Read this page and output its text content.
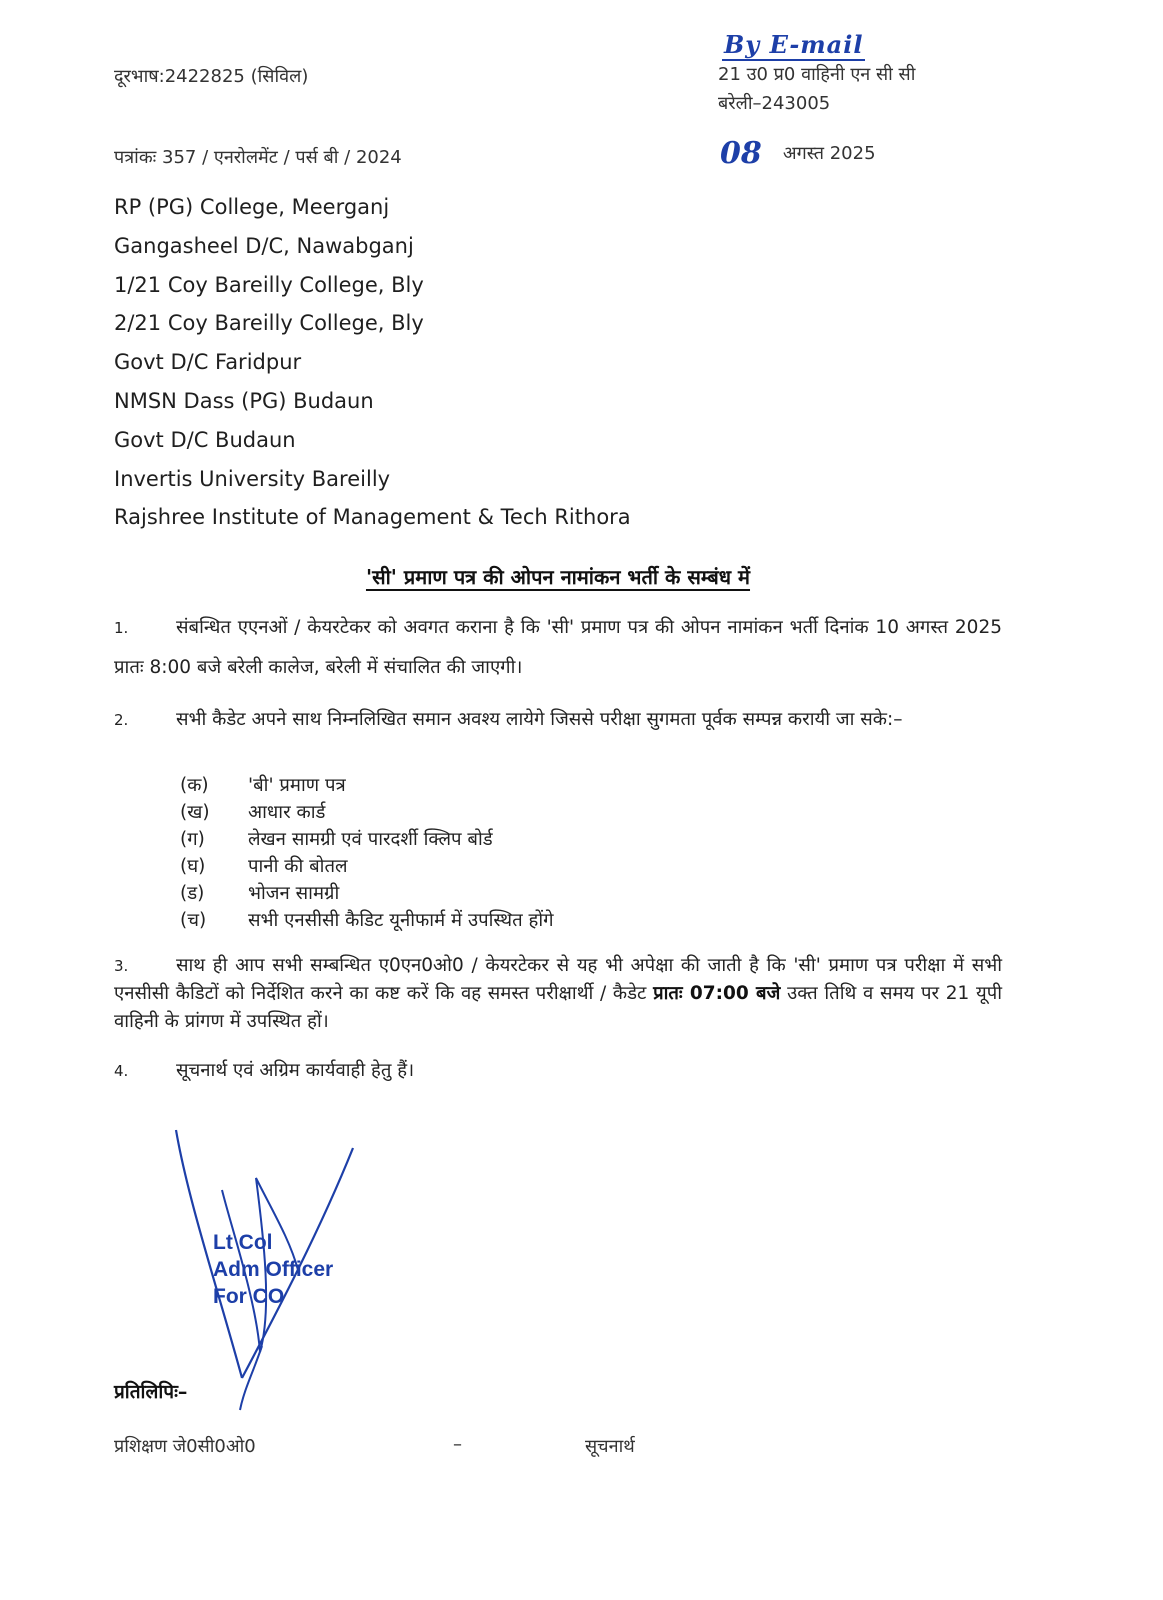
दूरभाष:2422825 (सिविल)
By E-mail
21 उ0 प्र0 वाहिनी एन सी सी
बरेली–243005
पत्रांकः 357 / एनरोलमेंट / पर्स बी / 2024	08 अगस्त 2025
RP (PG) College, Meerganj
Gangasheel D/C, Nawabganj
1/21 Coy Bareilly College, Bly
2/21 Coy Bareilly College, Bly
Govt D/C Faridpur
NMSN Dass (PG) Budaun
Govt D/C Budaun
Invertis University Bareilly
Rajshree Institute of Management & Tech Rithora
'सी' प्रमाण पत्र की ओपन नामांकन भर्ती के सम्बंध में
1.	संबन्धित एएनओं / केयरटेकर को अवगत कराना है कि 'सी' प्रमाण पत्र की ओपन नामांकन भर्ती दिनांक 10 अगस्त 2025 प्रातः 8:00 बजे बरेली कालेज, बरेली में संचालित की जाएगी।
2.	सभी कैडेट अपने साथ निम्नलिखित समान अवश्य लायेगे जिससे परीक्षा सुगमता पूर्वक सम्पन्न करायी जा सके:–
(क) 'बी' प्रमाण पत्र
(ख) आधार कार्ड
(ग) लेखन सामग्री एवं पारदर्शी क्लिप बोर्ड
(घ) पानी की बोतल
(ड) भोजन सामग्री
(च) सभी एनसीसी कैडिट यूनीफार्म में उपस्थित होंगे
3.	साथ ही आप सभी सम्बन्धित ए0एन0ओ0 / केयरटेकर से यह भी अपेक्षा की जाती है कि 'सी' प्रमाण पत्र परीक्षा में सभी एनसीसी कैडिटों को निर्देशित करने का कष्ट करें कि वह समस्त परीक्षार्थी / कैडेट प्रातः 07:00 बजे उक्त तिथि व समय पर 21 यूपी वाहिनी के प्रांगण में उपस्थित हों।
4.	सूचनार्थ एवं अग्रिम कार्यवाही हेतु हैं।
Lt Col
Adm Officer
For CO
प्रतिलिपिः–
प्रशिक्षण जे0सी0ओ0	–	सूचनार्थ
